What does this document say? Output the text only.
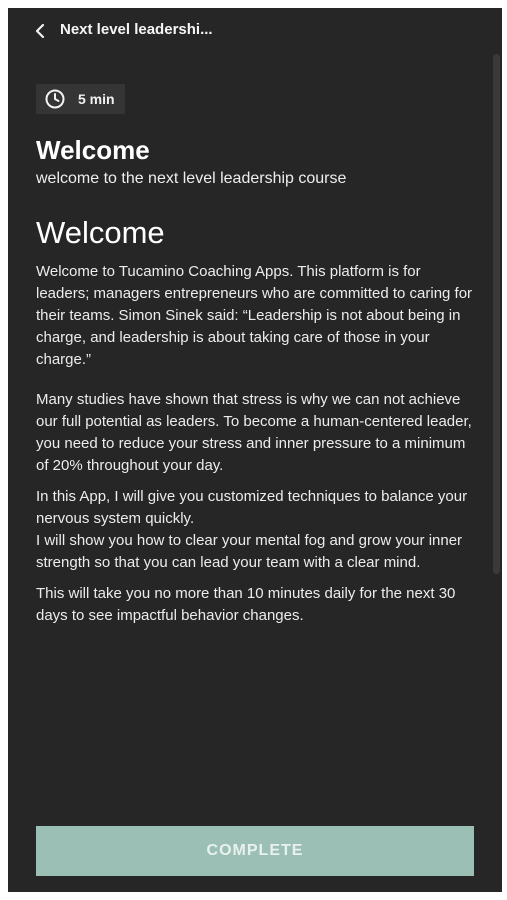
Next level leadershi...
5 min
Welcome

welcome to the next level leadership course

Welcome

Welcome to Tucamino Coaching Apps. This platform is for leaders; managers entrepreneurs who are committed to caring for their teams. Simon Sinek said: “Leadership is not about being in charge, and leadership is about taking care of those in your charge.”

Many studies have shown that stress is why we can not achieve our full potential as leaders. To become a human-centered leader, you need to reduce your stress and inner pressure to a minimum of 20% throughout your day.

In this App, I will give you customized techniques to balance your nervous system quickly.
I will show you how to clear your mental fog and grow your inner strength so that you can lead your team with a clear mind.

This will take you no more than 10 minutes daily for the next 30 days to see impactful behavior changes.

COMPLETE
